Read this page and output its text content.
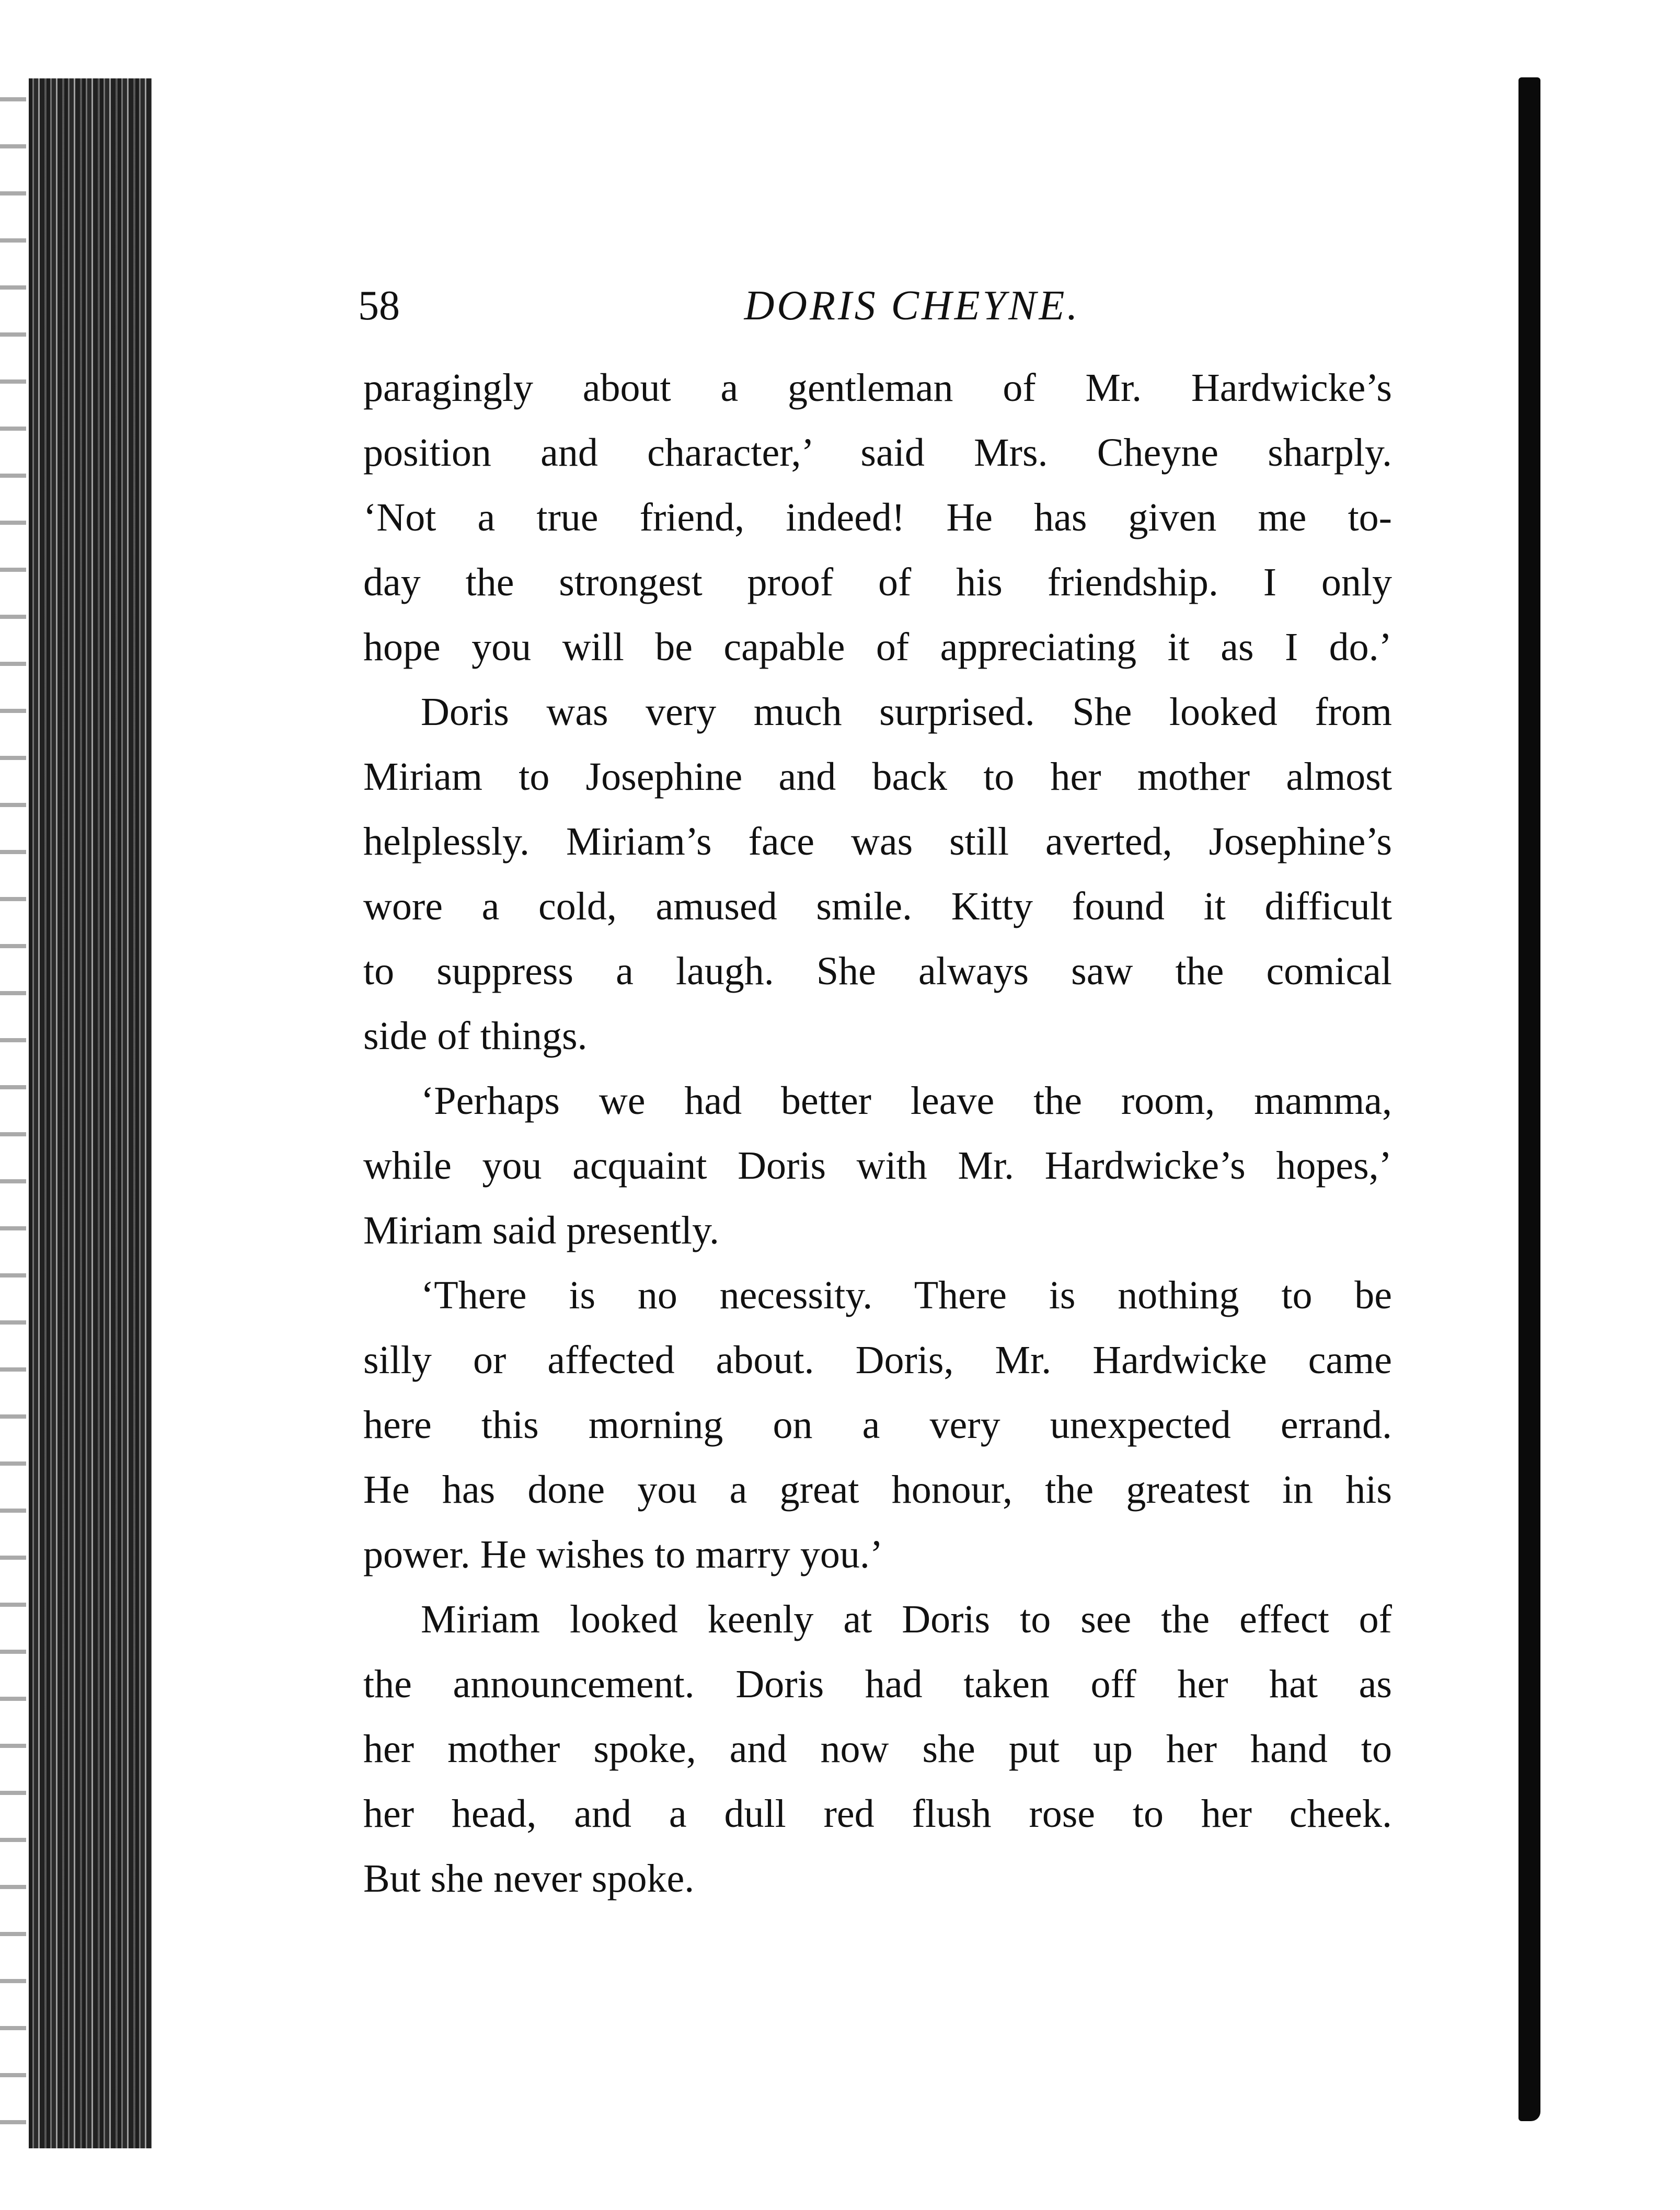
58	DORIS CHEYNE.
paragingly about a gentleman of Mr. Hardwicke’s
position and character,’ said Mrs. Cheyne sharply.
‘Not a true friend, indeed! He has given me to-
day the strongest proof of his friendship. I only
hope you will be capable of appreciating it as I do.’
Doris was very much surprised. She looked from
Miriam to Josephine and back to her mother almost
helplessly. Miriam’s face was still averted, Josephine’s
wore a cold, amused smile. Kitty found it difficult
to suppress a laugh. She always saw the comical
side of things.
‘Perhaps we had better leave the room, mamma,
while you acquaint Doris with Mr. Hardwicke’s hopes,’
Miriam said presently.
‘There is no necessity. There is nothing to be
silly or affected about. Doris, Mr. Hardwicke came
here this morning on a very unexpected errand.
He has done you a great honour, the greatest in his
power. He wishes to marry you.’
Miriam looked keenly at Doris to see the effect of
the announcement. Doris had taken off her hat as
her mother spoke, and now she put up her hand to
her head, and a dull red flush rose to her cheek.
But she never spoke.
